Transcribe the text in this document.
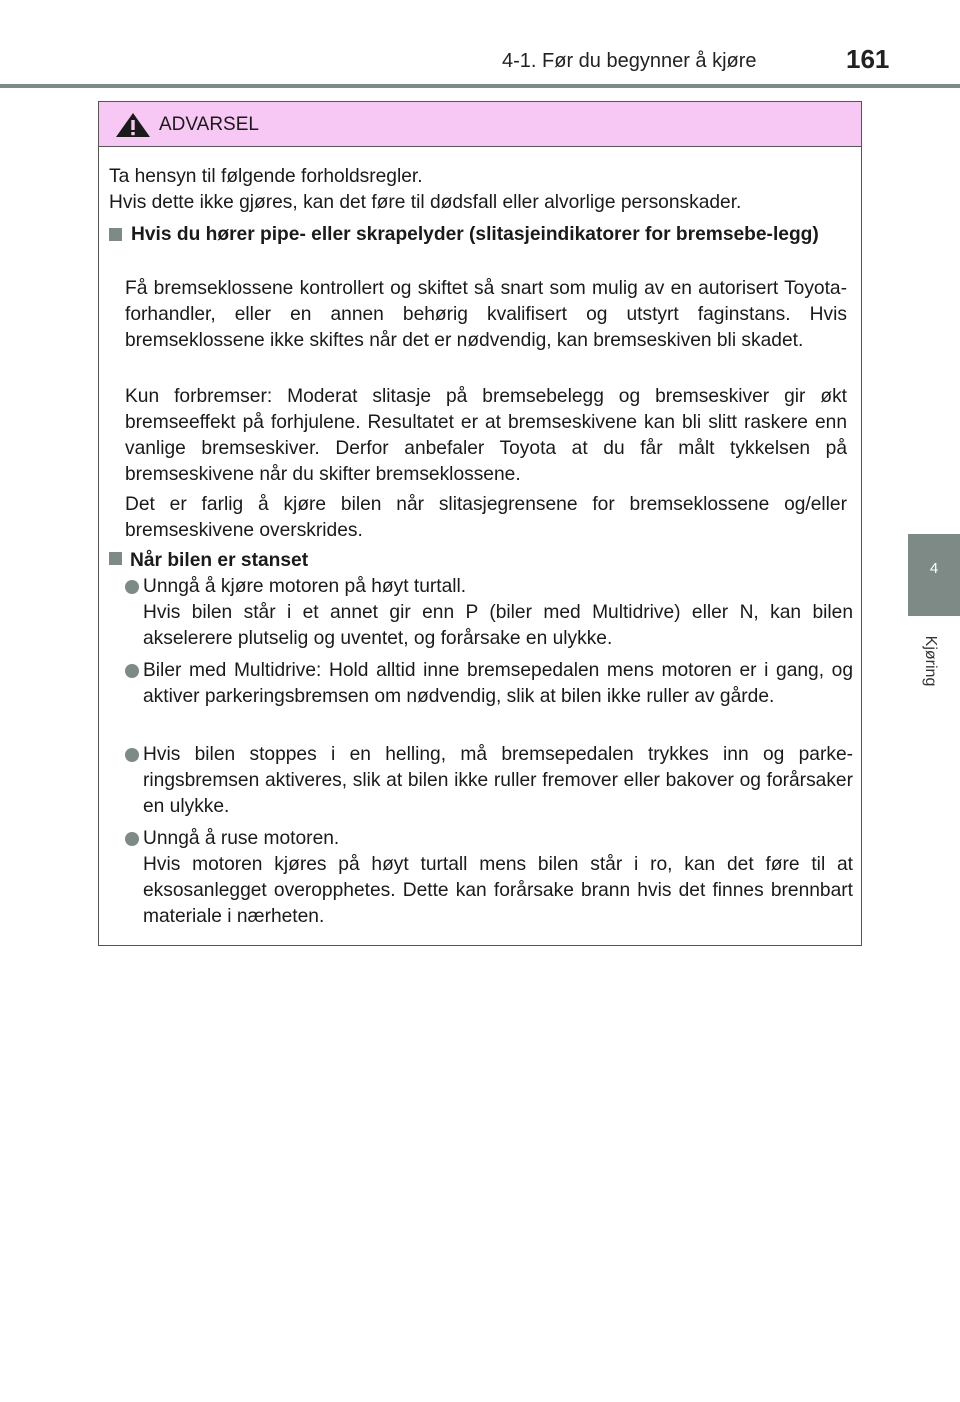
4-1. Før du begynner å kjøre	161
4
Kjøring
ADVARSEL
Ta hensyn til følgende forholdsregler.
Hvis dette ikke gjøres, kan det føre til dødsfall eller alvorlige personskader.
Hvis du hører pipe- eller skrapelyder (slitasjeindikatorer for bremsebe-legg)
Få bremseklossene kontrollert og skiftet så snart som mulig av en autorisert Toyota-forhandler, eller en annen behørig kvalifisert og utstyrt faginstans. Hvis bremseklossene ikke skiftes når det er nødvendig, kan bremseskiven bli skadet.
Kun forbremser: Moderat slitasje på bremsebelegg og bremseskiver gir økt bremseeffekt på forhjulene. Resultatet er at bremseskivene kan bli slitt raskere enn vanlige bremseskiver. Derfor anbefaler Toyota at du får målt tykkelsen på bremseskivene når du skifter bremseklossene.
Det er farlig å kjøre bilen når slitasjegrensene for bremseklossene og/eller bremseskivene overskrides.
Når bilen er stanset
Unngå å kjøre motoren på høyt turtall.
Hvis bilen står i et annet gir enn P (biler med Multidrive) eller N, kan bilen akselerere plutselig og uventet, og forårsake en ulykke.
Biler med Multidrive: Hold alltid inne bremsepedalen mens motoren er i gang, og aktiver parkeringsbremsen om nødvendig, slik at bilen ikke ruller av gårde.
Hvis bilen stoppes i en helling, må bremsepedalen trykkes inn og parke-ringsbremsen aktiveres, slik at bilen ikke ruller fremover eller bakover og forårsaker en ulykke.
Unngå å ruse motoren.
Hvis motoren kjøres på høyt turtall mens bilen står i ro, kan det føre til at eksosanlegget overopphetes. Dette kan forårsake brann hvis det finnes brennbart materiale i nærheten.
